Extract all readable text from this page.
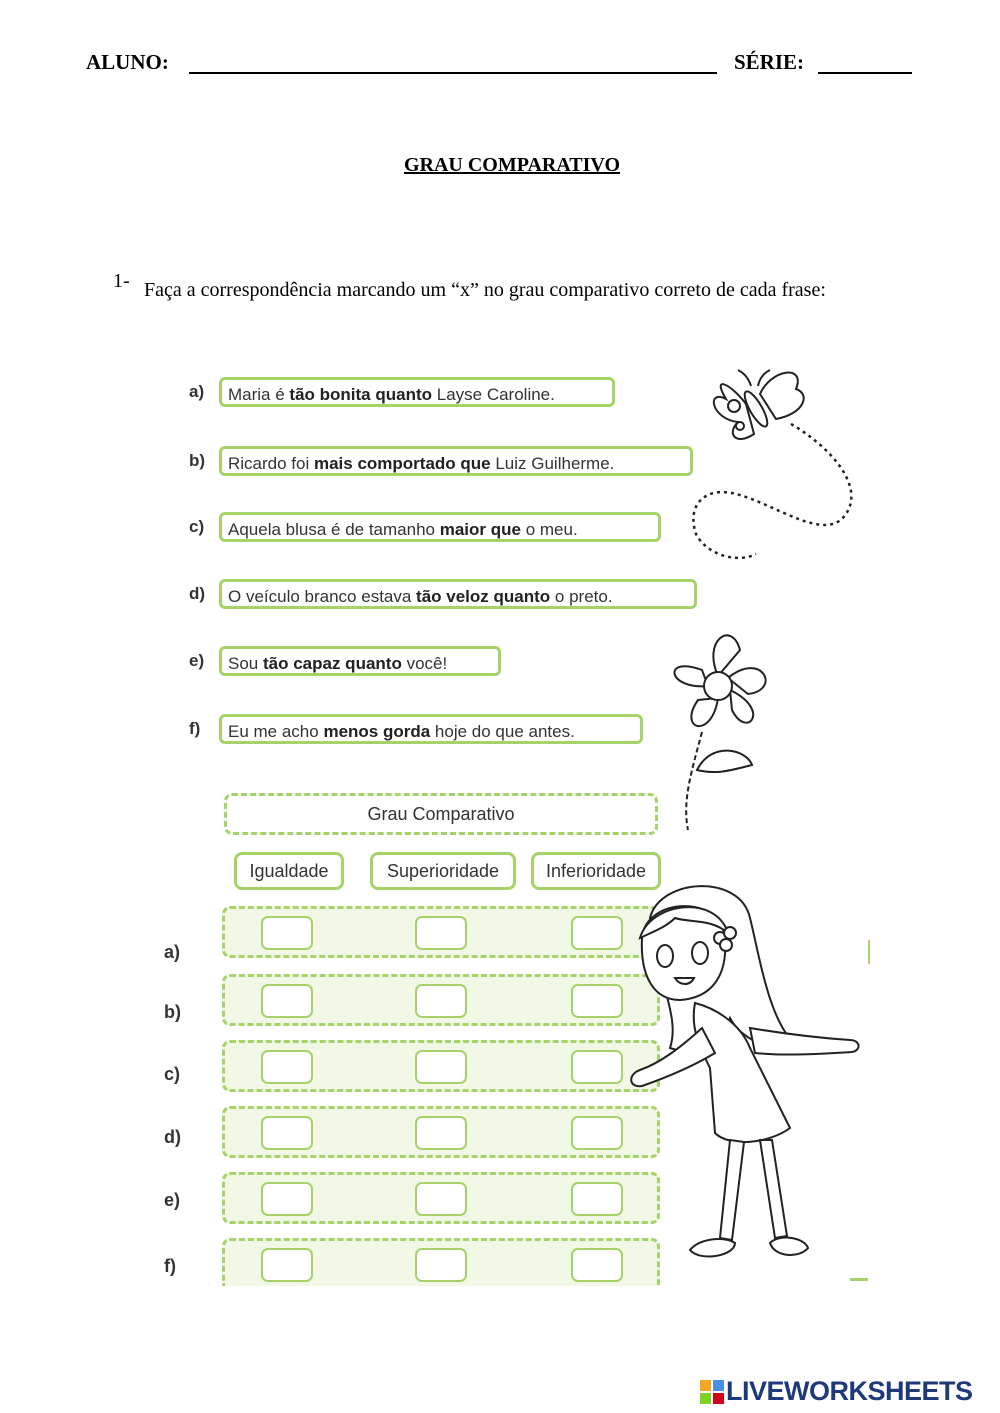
ALUNO:	SÉRIE:
GRAU COMPARATIVO
1- Faça a correspondência marcando um “x” no grau comparativo correto de cada frase:
a)	Maria é tão bonita quanto Layse Caroline.
b)	Ricardo foi mais comportado que Luiz Guilherme.
c)	Aquela blusa é de tamanho maior que o meu.
d)	O veículo branco estava tão veloz quanto o preto.
e)	Sou tão capaz quanto você!
f)	Eu me acho menos gorda hoje do que antes.
Grau Comparativo
Igualdade	Superioridade	Inferioridade
a)
b)
c)
d)
e)
f)
LIVEWORKSHEETS
